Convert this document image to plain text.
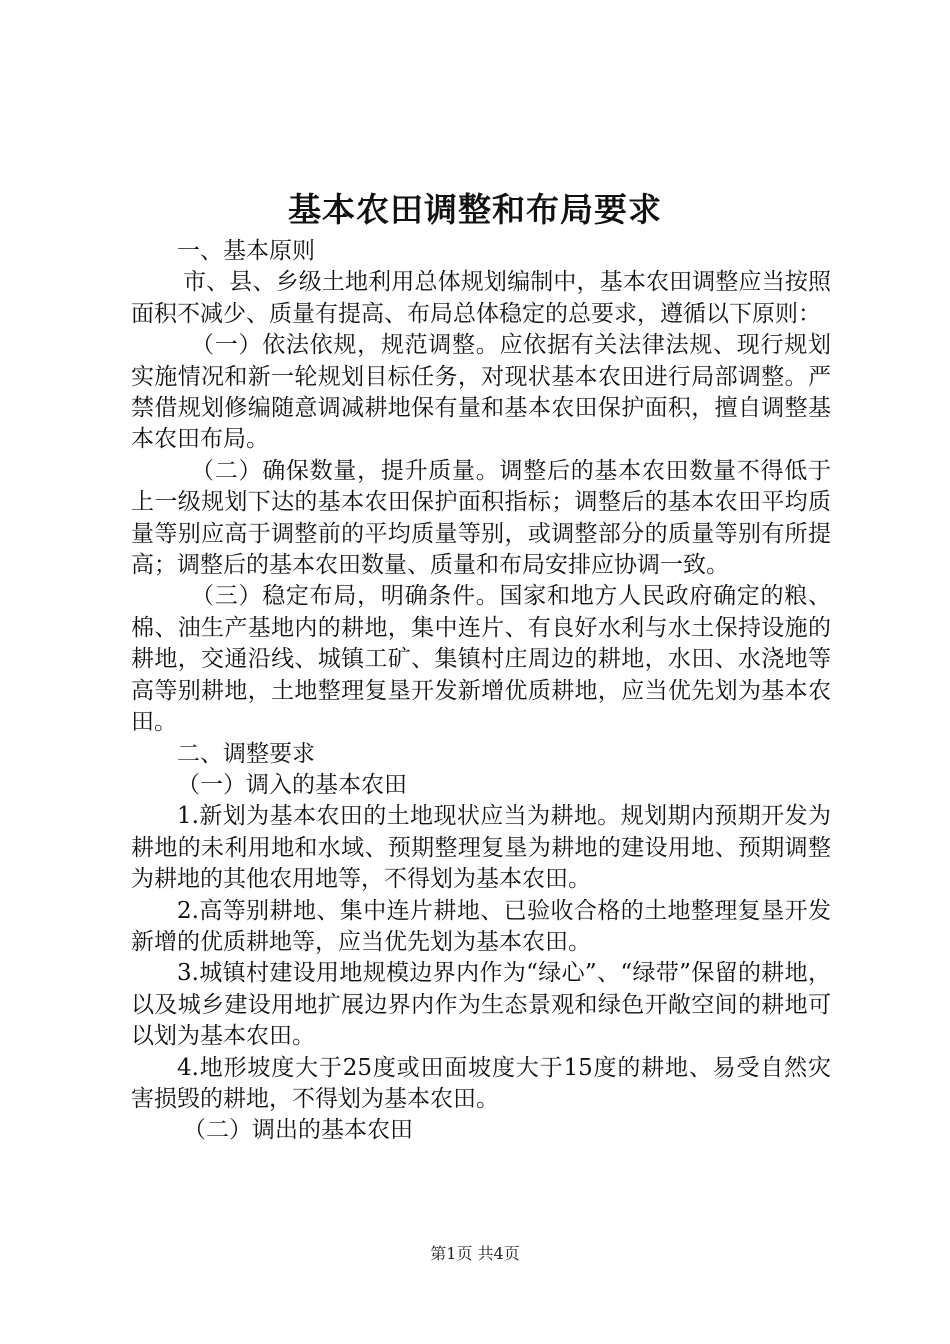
基本农田调整和布局要求

一、基本原则

市、县、乡级土地利用总体规划编制中，基本农田调整应当按照面积不减少、质量有提高、布局总体稳定的总要求，遵循以下原则：

（一）依法依规，规范调整。应依据有关法律法规、现行规划实施情况和新一轮规划目标任务，对现状基本农田进行局部调整。严禁借规划修编随意调减耕地保有量和基本农田保护面积，擅自调整基本农田布局。

（二）确保数量，提升质量。调整后的基本农田数量不得低于上一级规划下达的基本农田保护面积指标；调整后的基本农田平均质量等别应高于调整前的平均质量等别，或调整部分的质量等别有所提高；调整后的基本农田数量、质量和布局安排应协调一致。

（三）稳定布局，明确条件。国家和地方人民政府确定的粮、棉、油生产基地内的耕地，集中连片、有良好水利与水土保持设施的耕地，交通沿线、城镇工矿、集镇村庄周边的耕地，水田、水浇地等高等别耕地，土地整理复垦开发新增优质耕地，应当优先划为基本农田。

二、调整要求

（一）调入的基本农田

1.新划为基本农田的土地现状应当为耕地。规划期内预期开发为耕地的未利用地和水域、预期整理复垦为耕地的建设用地、预期调整为耕地的其他农用地等，不得划为基本农田。

2.高等别耕地、集中连片耕地、已验收合格的土地整理复垦开发新增的优质耕地等，应当优先划为基本农田。

3.城镇村建设用地规模边界内作为“绿心”、“绿带”保留的耕地，以及城乡建设用地扩展边界内作为生态景观和绿色开敞空间的耕地可以划为基本农田。

4.地形坡度大于25度或田面坡度大于15度的耕地、易受自然灾害损毁的耕地，不得划为基本农田。

（二）调出的基本农田

第1页 共4页
